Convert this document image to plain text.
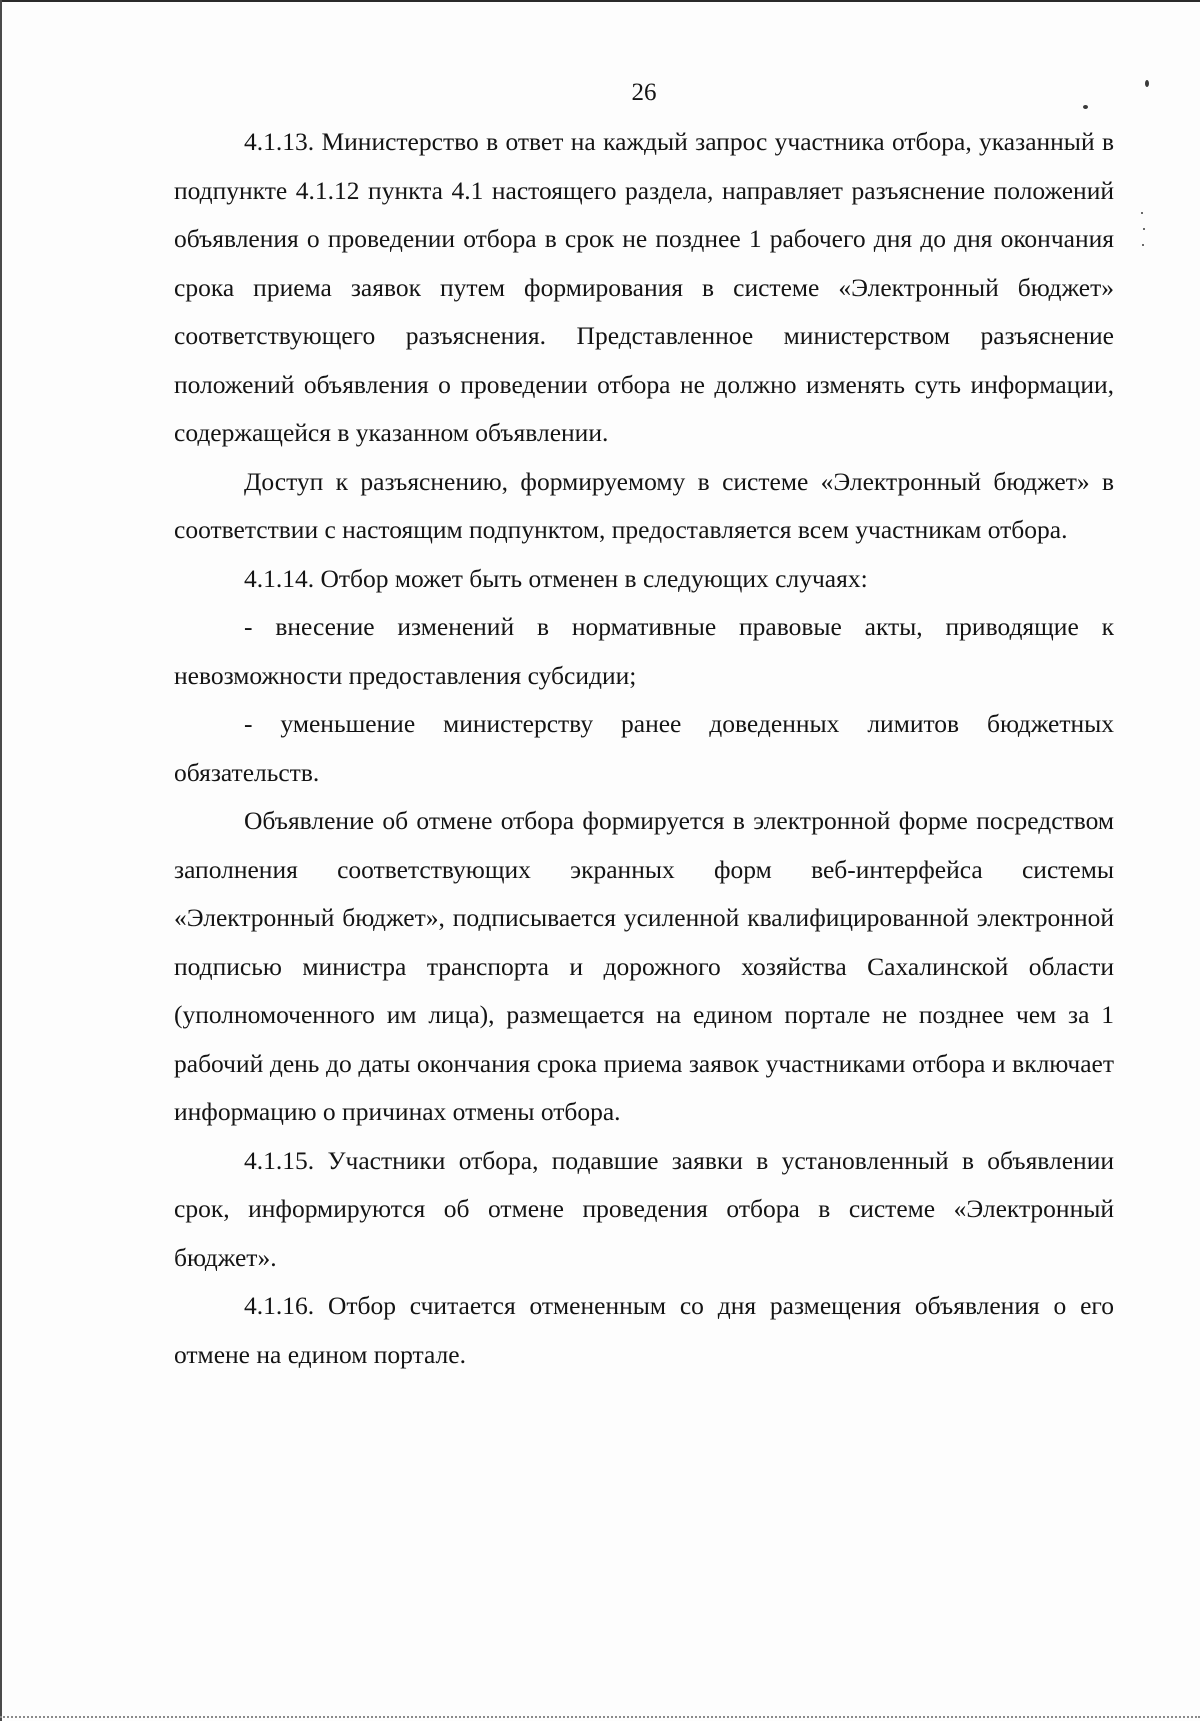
26

4.1.13. Министерство в ответ на каждый запрос участника отбора, указанный в подпункте 4.1.12 пункта 4.1 настоящего раздела, направляет разъяснение положений объявления о проведении отбора в срок не позднее 1 рабочего дня до дня окончания срока приема заявок путем формирования в системе «Электронный бюджет» соответствующего разъяснения. Представленное министерством разъяснение положений объявления о проведении отбора не должно изменять суть информации, содержащейся в указанном объявлении.

Доступ к разъяснению, формируемому в системе «Электронный бюджет» в соответствии с настоящим подпунктом, предоставляется всем участникам отбора.

4.1.14. Отбор может быть отменен в следующих случаях:

- внесение изменений в нормативные правовые акты, приводящие к невозможности предоставления субсидии;

- уменьшение министерству ранее доведенных лимитов бюджетных обязательств.

Объявление об отмене отбора формируется в электронной форме посредством заполнения соответствующих экранных форм веб-интерфейса системы «Электронный бюджет», подписывается усиленной квалифицированной электронной подписью министра транспорта и дорожного хозяйства Сахалинской области (уполномоченного им лица), размещается на едином портале не позднее чем за 1 рабочий день до даты окончания срока приема заявок участниками отбора и включает информацию о причинах отмены отбора.

4.1.15. Участники отбора, подавшие заявки в установленный в объявлении срок, информируются об отмене проведения отбора в системе «Электронный бюджет».

4.1.16. Отбор считается отмененным со дня размещения объявления о его отмене на едином портале.
